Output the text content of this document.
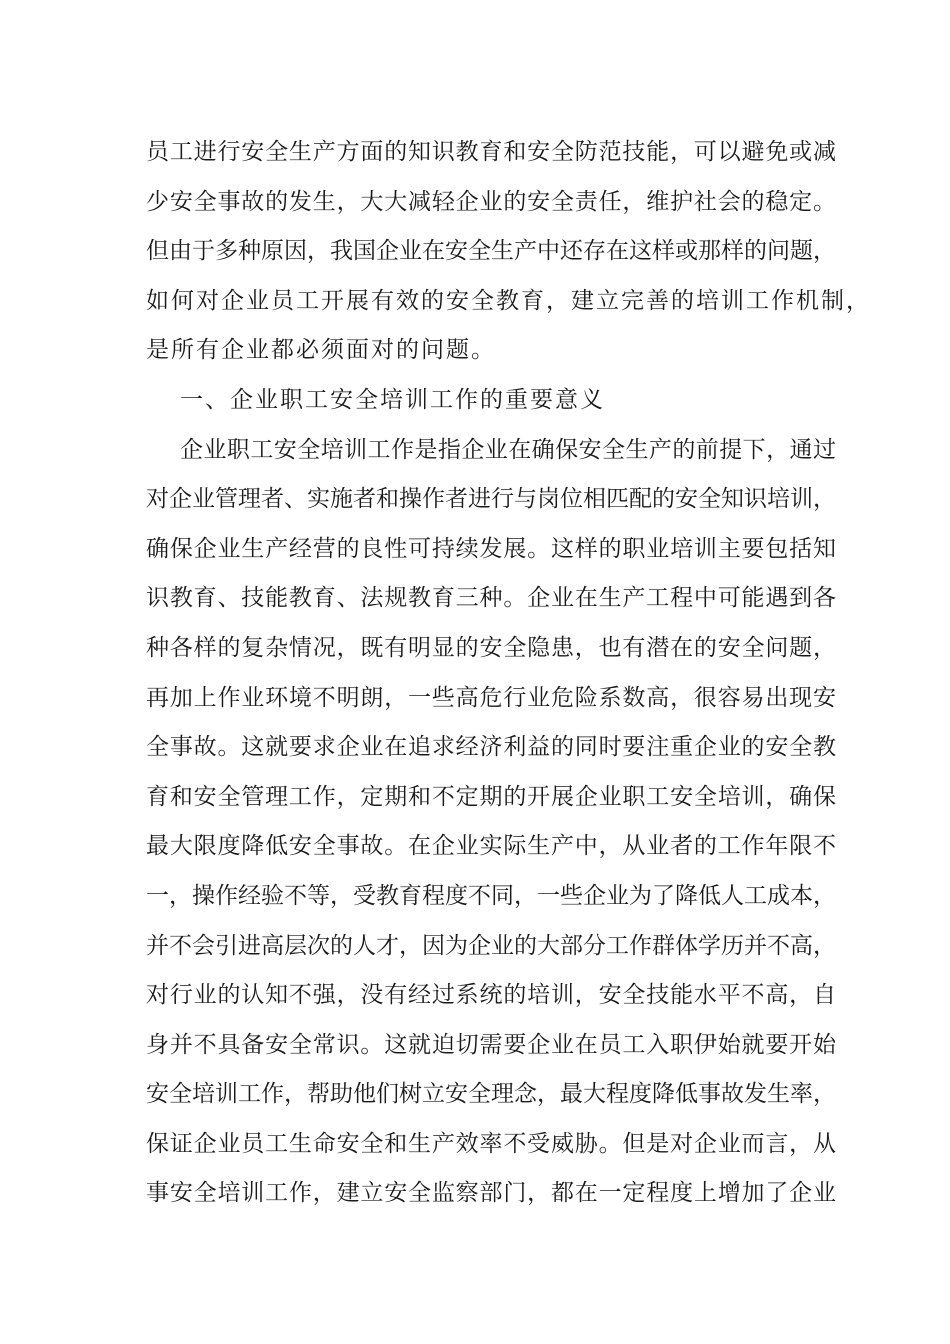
员工进行安全生产方面的知识教育和安全防范技能，可以避免或减
少安全事故的发生，大大减轻企业的安全责任，维护社会的稳定。
但由于多种原因，我国企业在安全生产中还存在这样或那样的问题，
如何对企业员工开展有效的安全教育，建立完善的培训工作机制，
是所有企业都必须面对的问题。
一、企业职工安全培训工作的重要意义
企业职工安全培训工作是指企业在确保安全生产的前提下，通过
对企业管理者、实施者和操作者进行与岗位相匹配的安全知识培训，
确保企业生产经营的良性可持续发展。这样的职业培训主要包括知
识教育、技能教育、法规教育三种。企业在生产工程中可能遇到各
种各样的复杂情况，既有明显的安全隐患，也有潜在的安全问题，
再加上作业环境不明朗，一些高危行业危险系数高，很容易出现安
全事故。这就要求企业在追求经济利益的同时要注重企业的安全教
育和安全管理工作，定期和不定期的开展企业职工安全培训，确保
最大限度降低安全事故。在企业实际生产中，从业者的工作年限不
一，操作经验不等，受教育程度不同，一些企业为了降低人工成本，
并不会引进高层次的人才，因为企业的大部分工作群体学历并不高，
对行业的认知不强，没有经过系统的培训，安全技能水平不高，自
身并不具备安全常识。这就迫切需要企业在员工入职伊始就要开始
安全培训工作，帮助他们树立安全理念，最大程度降低事故发生率，
保证企业员工生命安全和生产效率不受威胁。但是对企业而言，从
事安全培训工作，建立安全监察部门，都在一定程度上增加了企业
